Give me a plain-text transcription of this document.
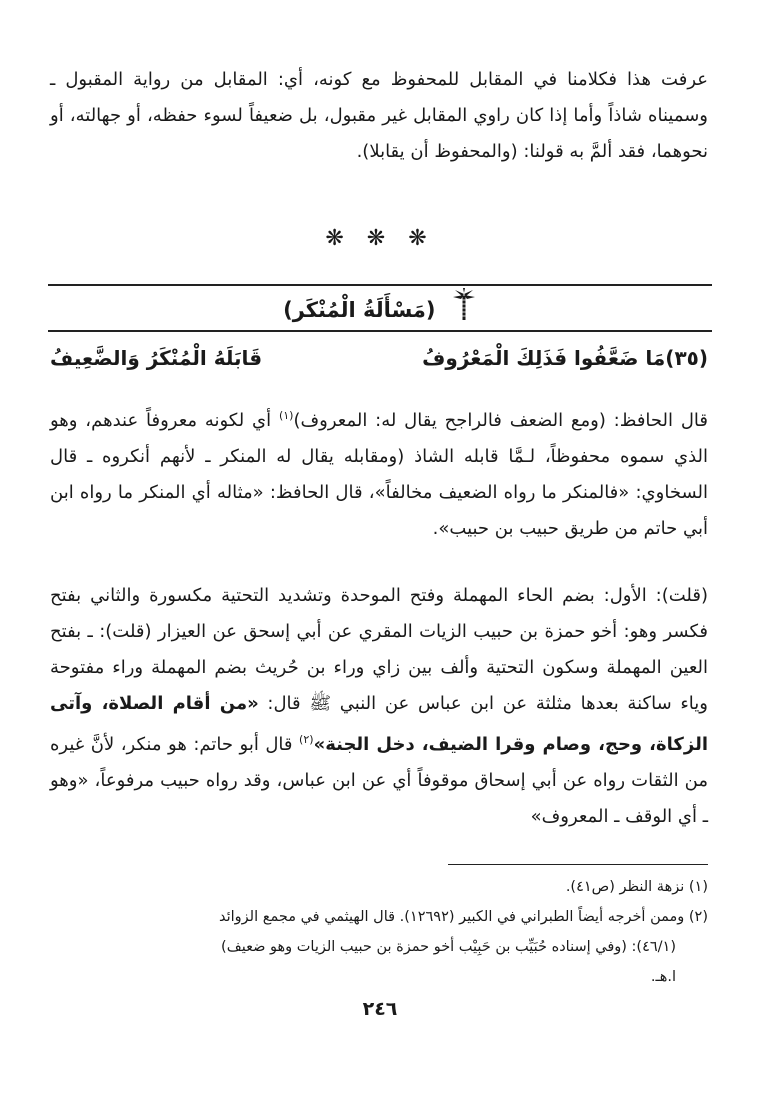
عرفت هذا فكلامنا في المقابل للمحفوظ مع كونه، أي: المقابل من رواية المقبول ـ وسميناه شاذاً وأما إذا كان راوي المقابل غير مقبول، بل ضعيفاً لسوء حفظه، أو جهالته، أو نحوهما، فقد ألمَّ به قولنا: (والمحفوظ أن يقابلا).
❋ ❋ ❋
(مَسْأَلَةُ الْمُنْكَر)
(٣٥)مَا ضَعَّفُوا فَذَلِكَ الْمَعْرُوفُ
قَابَلَهُ الْمُنْكَرُ وَالضَّعِيفُ
قال الحافظ: (ومع الضعف فالراجح يقال له: المعروف)$^{(١)}$ أي لكونه معروفاً عندهم، وهو الذي سموه محفوظاً، لـمَّا قابله الشاذ (ومقابله يقال له المنكر ـ لأنهم أنكروه ـ قال السخاوي: «فالمنكر ما رواه الضعيف مخالفاً»، قال الحافظ: «مثاله أي المنكر ما رواه ابن أبي حاتم من طريق حبيب بن حبيب».
(قلت): الأول: بضم الحاء المهملة وفتح الموحدة وتشديد التحتية مكسورة والثاني بفتح فكسر وهو: أخو حمزة بن حبيب الزيات المقري عن أبي إسحق عن العيزار (قلت): ـ بفتح العين المهملة وسكون التحتية وألف بين زاي وراء بن حُريث بضم المهملة وراء مفتوحة وياء ساكنة بعدها مثلثة عن ابن عباس عن النبي ﷺ قال: «من أقام الصلاة، وآتى الزكاة، وحج، وصام وقرا الضيف، دخل الجنة»$^{(٢)}$ قال أبو حاتم: هو منكر، لأنَّ غيره من الثقات رواه عن أبي إسحاق موقوفاً أي عن ابن عباس، وقد رواه حبيب مرفوعاً، «وهو ـ أي الوقف ـ المعروف»
(١) نزهة النظر (ص٤١).
(٢) وممن أخرجه أيضاً الطبراني في الكبير (١٢٦٩٢). قال الهيثمي في مجمع الزوائد
(٤٦/١): (وفي إسناده حُبَيِّب بن حَبِيْب أخو حمزة بن حبيب الزيات وهو ضعيف)
ا.هـ.
٢٤٦
